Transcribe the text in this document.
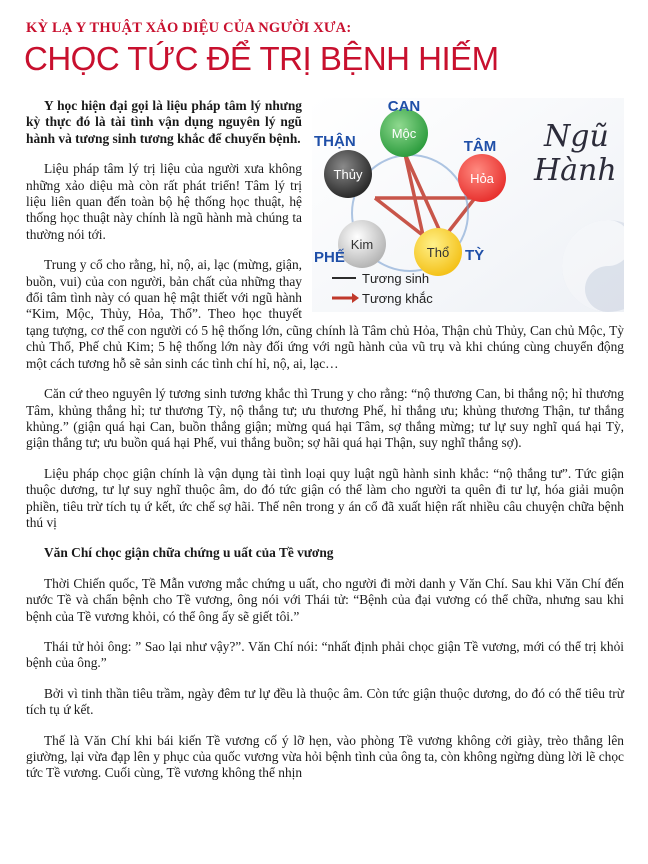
KỲ LẠ Y THUẬT XẢO DIỆU CỦA NGƯỜI XƯA:
CHỌC TỨC ĐỂ TRỊ BỆNH HIẾM
Mộc
CAN
Hỏa
TÂM
Thổ TỲ
Kim
PHẾ
Thủy
THẬN	Ngũ
Hành
Tương sinh
Tương khắc

Y học hiện đại gọi là liệu pháp tâm lý nhưng kỳ thực đó là tài tình vận dụng nguyên lý ngũ hành và tương sinh tương khắc để chuyển bệnh.

Liệu pháp tâm lý trị liệu của người xưa không những xảo diệu mà còn rất phát triển! Tâm lý trị liệu liên quan đến toàn bộ hệ thống học thuật, hệ thống học thuật này chính là ngũ hành mà chúng ta thường nói tới.

Trung y cổ cho rằng, hỉ, nộ, ai, lạc (mừng, giận, buồn, vui) của con người, bản chất của những thay đổi tâm tình này có quan hệ mật thiết với ngũ hành “Kim, Mộc, Thủy, Hỏa, Thổ”. Theo học thuyết tạng tượng, cơ thể con người có 5 hệ thống lớn, cũng chính là Tâm chủ Hỏa, Thận chủ Thủy, Can chủ Mộc, Tỳ chủ Thổ, Phế chủ Kim; 5 hệ thống lớn này đối ứng với ngũ hành của vũ trụ và khi chúng cùng chuyển động một cách tương hỗ sẽ sản sinh các tình chí hỉ, nộ, ai, lạc…

Căn cứ theo nguyên lý tương sinh tương khắc thì Trung y cho rằng: “nộ thương Can, bi thắng nộ; hỉ thương Tâm, khủng thắng hỉ; tư thương Tỳ, nộ thắng tư; ưu thương Phế, hỉ thắng ưu; khủng thương Thận, tư thắng khủng.” (giận quá hại Can, buồn thắng giận; mừng quá hại Tâm, sợ thắng mừng; tư lự suy nghĩ quá hại Tỳ, giận thắng tư; ưu buồn quá hại Phế, vui thắng buồn; sợ hãi quá hại Thận, suy nghĩ thắng sợ).

Liệu pháp chọc giận chính là vận dụng tài tình loại quy luật ngũ hành sinh khắc: “nộ thắng tư”. Tức giận thuộc dương, tư lự suy nghĩ thuộc âm, do đó tức giận có thể làm cho người ta quên đi tư lự, hóa giải muộn phiền, tiêu trừ tích tụ ứ kết, ức chế sợ hãi. Thế nên trong y án cổ đã xuất hiện rất nhiều câu chuyện chữa bệnh thú vị

Văn Chí chọc giận chữa chứng u uất của Tề vương

Thời Chiến quốc, Tề Mẫn vương mắc chứng u uất, cho người đi mời danh y Văn Chí. Sau khi Văn Chí đến nước Tề và chẩn bệnh cho Tề vương, ông nói với Thái tử: “Bệnh của đại vương có thể chữa, nhưng sau khi bệnh của Tề vương khỏi, có thể ông ấy sẽ giết tôi.”

Thái tử hỏi ông: ” Sao lại như vậy?”. Văn Chí nói: “nhất định phải chọc giận Tề vương, mới có thể trị khỏi bệnh của ông.”

Bởi vì tinh thần tiêu trầm, ngày đêm tư lự đều là thuộc âm. Còn tức giận thuộc dương, do đó có thể tiêu trừ tích tụ ứ kết.

Thế là Văn Chí khi bái kiến Tề vương cố ý lỡ hẹn, vào phòng Tề vương không cởi giày, trèo thẳng lên giường, lại vừa đạp lên y phục của quốc vương vừa hỏi bệnh tình của ông ta, còn không ngừng dùng lời lẽ chọc tức Tề vương. Cuối cùng, Tề vương không thể nhịn
